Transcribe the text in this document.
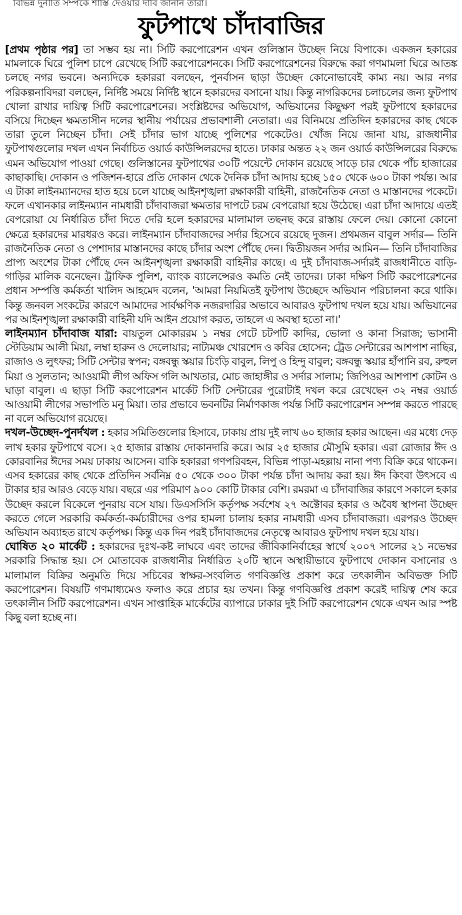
বিভিন্ন দুর্নীতি সম্পর্কে শাস্তি দেওয়ার দাবি জানান তারা।
ফুটপাথে চাঁদাবাজির

[প্রথম পৃষ্ঠার পর] তা সম্ভব হয় না। সিটি করপোরেশন এখন গুলিস্তান উচ্ছেদ নিয়ে বিপাকে। একজন হকারের মামলাকে ঘিরে পুলিশ চাপে রেখেছে সিটি করপোরেশনকে। সিটি করপোরেশনের বিরুদ্ধে করা গণমামলা ঘিরে আতঙ্ক চলছে নগর ভবনে। অন্যদিকে হকাররা বলছেন, পুনর্বাসন ছাড়া উচ্ছেদ কোনোভাবেই কাম্য নয়। আর নগর পরিকল্পনাবিদরা বলছেন, নির্দিষ্ট সময়ে নির্দিষ্ট স্থানে হকারদের বসানো যায়। কিন্তু নাগরিকদের চলাচলের জন্য ফুটপাথ খোলা রাখার দায়িত্ব সিটি করপোরেশনের। সংশ্লিষ্টদের অভিযোগ, অভিযানের কিছুক্ষণ পরই ফুটপাথে হকারদের বসিয়ে দিচ্ছেন ক্ষমতাসীন দলের স্থানীয় পর্যায়ের প্রভাবশালী নেতারা। এর বিনিময়ে প্রতিদিন হকারদের কাছ থেকে তারা তুলে নিচ্ছেন চাঁদা। সেই চাঁদার ভাগ যাচ্ছে পুলিশের পকেটেও। খোঁজ নিয়ে জানা যায়, রাজধানীর ফুটপাথগুলোর দখল এখন নির্বাচিত ওয়ার্ড কাউন্সিলরদের হাতে। ঢাকার অন্তত ২২ জন ওয়ার্ড কাউন্সিলরের বিরুদ্ধে এমন অভিযোগ পাওয়া গেছে। গুলিস্তানের ফুটপাথের ৩০টি পয়েন্টে দোকান রয়েছে সাড়ে চার থেকে পাঁচ হাজারের কাছাকাছি। দোকান ও পজিশন-হারে প্রতি দোকান থেকে দৈনিক চাঁদা আদায় হচ্ছে ১৫০ থেকে ৬০০ টাকা পর্যন্ত। আর এ টাকা লাইনম্যানদের হাত হয়ে চলে যাচ্ছে আইনশৃঙ্খলা রক্ষাকারী বাহিনী, রাজনৈতিক নেতা ও মাস্তানদের পকেটে। ফলে এখানকার লাইনম্যান নামধারী চাঁদাবাজরা ক্ষমতার দাপটে চরম বেপরোয়া হয়ে উঠেছে। এরা চাঁদা আদায়ে এতই বেপরোয়া যে নির্ধারিত চাঁদা দিতে দেরি হলে হকারদের মালামাল তছনছ করে রাস্তায় ফেলে দেয়। কোনো কোনো ক্ষেত্রে হকারদের মারধরও করে। লাইনম্যান চাঁদাবাজদের সর্দার হিসেবে রয়েছে দুজন। প্রথমজন বাবুল সর্দার— তিনি রাজনৈতিক নেতা ও পেশাদার মাস্তানদের কাছে চাঁদার অংশ পৌঁছে দেন। দ্বিতীয়জন সর্দার আমিন— তিনি চাঁদাবাজির প্রাপ্য অংশের টাকা পৌঁছে দেন আইনশৃঙ্খলা রক্ষাকারী বাহিনীর কাছে। এ দুই চাঁদাবাজ-সর্দারই রাজধানীতে বাড়ি-গাড়ির মালিক বনেছেন। ট্রাফিক পুলিশ, ব্যাংক ব্যালেন্সেরও কমতি নেই তাদের। ঢাকা দক্ষিণ সিটি করপোরেশনের প্রধান সম্পত্তি কর্মকর্তা খালিদ আহমেদ বলেন, 'আমরা নিয়মিতই ফুটপাথ উচ্ছেদে অভিযান পরিচালনা করে থাকি। কিন্তু জনবল সংকটের কারণে আমাদের সার্বক্ষণিক নজরদারির অভাবে আবারও ফুটপাথ দখল হয়ে যায়। অভিযানের পর আইনশৃঙ্খলা রক্ষাকারী বাহিনী যদি আইন প্রয়োগ করত, তাহলে এ অবস্থা হতো না।'

লাইনম্যান চাঁদাবাজ যারা: বায়তুল মোকাররম ১ নম্বর গেটে চটপটি কাদির, ভোলা ও কানা সিরাজ; ভাসানী স্টেডিয়াম আলী মিয়া, লম্বা হারুন ও দেলোয়ার; নাট্যমঞ্চ খোরশেদ ও কবির হোসেন; ট্রেড সেন্টারের আশপাশ নাছির, রাজাও ও লুৎফর; সিটি সেন্টার স্বপন; বঙ্গবন্ধু স্কয়ার চিংড়ি বাবুল, লিপু ও হিন্দু বাবুল; বঙ্গবন্ধু স্কয়ার হাঁপানি রব, রুহুল মিয়া ও সুলতান; আওয়ামী লীগ অফিস গলি আখতার, মোচ জাহাঙ্গীর ও সর্দার সালাম; জিপিওর আশপাশ কোটন ও ঘাড়া বাবুল। এ ছাড়া সিটি করপোরেশন মার্কেট সিটি সেন্টারের পুরোটাই দখল করে রেখেছেন ৩২ নম্বর ওয়ার্ড আওয়ামী লীগের সভাপতি মনু মিয়া। তার প্রভাবে ভবনটির নির্মাণকাজ পর্যন্ত সিটি করপোরেশন সম্পন্ন করতে পারছে না বলে অভিযোগ রয়েছে।

দখল-উচ্ছেদ-পুনর্দখল : হকার সমিতিগুলোর হিসাবে, ঢাকায় প্রায় দুই লাখ ৬০ হাজার হকার আছেন। এর মধ্যে দেড় লাখ হকার ফুটপাথে বসে। ২৫ হাজার রাস্তায় দোকানদারি করে। আর ২৫ হাজার মৌসুমি হকার। এরা রোজার ঈদ ও কোরবানির ঈদের সময় ঢাকায় আসেন। বাকি হকাররা গণপরিবহন, বিভিন্ন পাড়া-মহল্লায় নানা পণ্য বিক্রি করে থাকেন। এসব হকারের কাছ থেকে প্রতিদিন সর্বনিম্ন ৫০ থেকে ৩০০ টাকা পর্যন্ত চাঁদা আদায় করা হয়। ঈদ কিংবা উৎসবে এ টাকার হার আরও বেড়ে যায়। বছরে এর পরিমাণ ৯০০ কোটি টাকার বেশি। রমরমা এ চাঁদাবাজির কারণে সকালে হকার উচ্ছেদ করলে বিকেলে পুনরায় বসে যায়। ডিএসসিসি কর্তৃপক্ষ সর্বশেষ ২৭ অক্টোবর হকার ও অবৈধ স্থাপনা উচ্ছেদ করতে গেলে সরকারি কর্মকর্তা-কর্মচারীদের ওপর হামলা চালায় হকার নামধারী এসব চাঁদাবাজরা। এরপরও উচ্ছেদ অভিযান অব্যাহত রাখে কর্তৃপক্ষ। কিন্তু এক দিন পরই চাঁদাবাজদের নেতৃত্বে আবারও ফুটপাথ দখল হয়ে যায়।

ঘোষিত ২০ মার্কেট : হকারদের দুঃখ-কষ্ট লাঘবে এবং তাদের জীবিকানির্বাহের স্বার্থে ২০০৭ সালের ২১ নভেম্বর সরকারি সিদ্ধান্ত হয়। সে মোতাবেক রাজধানীর নির্ধারিত ২০টি স্থানে অস্থায়ীভাবে ফুটপাথে দোকান বসানোর ও মালামাল বিক্রির অনুমতি দিয়ে সচিবের স্বাক্ষর-সংবলিত গণবিজ্ঞপ্তি প্রকাশ করে তৎকালীন অবিভক্ত সিটি করপোরেশন। বিষয়টি গণমাধ্যমেও ফলাও করে প্রচার হয় তখন। কিন্তু গণবিজ্ঞপ্তি প্রকাশ করেই দায়িত্ব শেষ করে তৎকালীন সিটি করপোরেশন। এখন সাপ্তাহিক মার্কেটের ব্যাপারে ঢাকার দুই সিটি করপোরেশন থেকে এখন আর স্পষ্ট কিছু বলা হচ্ছে না।
